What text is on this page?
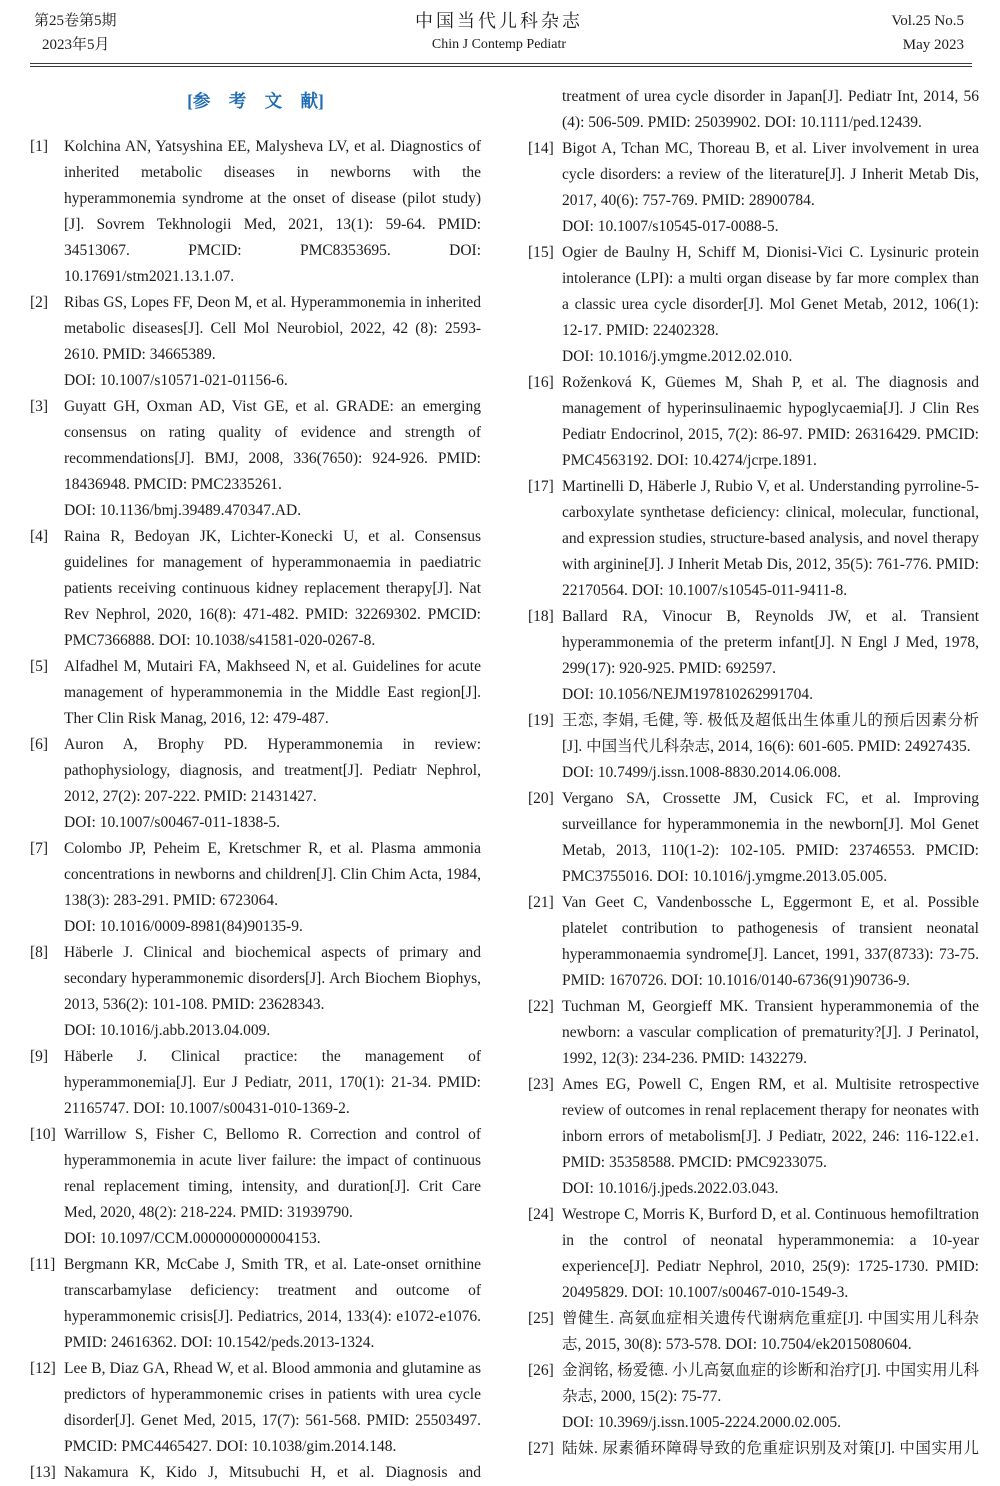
第25卷第5期
2023年5月
中国当代儿科杂志
Chin J Contemp Pediatr
Vol.25 No.5
May 2023
[参 考 文 献]
[1] Kolchina AN, Yatsyshina EE, Malysheva LV, et al. Diagnostics of inherited metabolic diseases in newborns with the hyperammonemia syndrome at the onset of disease (pilot study)[J]. Sovrem Tekhnologii Med, 2021, 13(1): 59-64. PMID: 34513067. PMCID: PMC8353695. DOI: 10.17691/stm2021.13.1.07.
[2] Ribas GS, Lopes FF, Deon M, et al. Hyperammonemia in inherited metabolic diseases[J]. Cell Mol Neurobiol, 2022, 42 (8): 2593-2610. PMID: 34665389.
DOI: 10.1007/s10571-021-01156-6.
[3] Guyatt GH, Oxman AD, Vist GE, et al. GRADE: an emerging consensus on rating quality of evidence and strength of recommendations[J]. BMJ, 2008, 336(7650): 924-926. PMID: 18436948. PMCID: PMC2335261.
DOI: 10.1136/bmj.39489.470347.AD.
[4] Raina R, Bedoyan JK, Lichter-Konecki U, et al. Consensus guidelines for management of hyperammonaemia in paediatric patients receiving continuous kidney replacement therapy[J]. Nat Rev Nephrol, 2020, 16(8): 471-482. PMID: 32269302. PMCID: PMC7366888. DOI: 10.1038/s41581-020-0267-8.
[5] Alfadhel M, Mutairi FA, Makhseed N, et al. Guidelines for acute management of hyperammonemia in the Middle East region[J]. Ther Clin Risk Manag, 2016, 12: 479-487.
[6] Auron A, Brophy PD. Hyperammonemia in review: pathophysiology, diagnosis, and treatment[J]. Pediatr Nephrol, 2012, 27(2): 207-222. PMID: 21431427.
DOI: 10.1007/s00467-011-1838-5.
[7] Colombo JP, Peheim E, Kretschmer R, et al. Plasma ammonia concentrations in newborns and children[J]. Clin Chim Acta, 1984, 138(3): 283-291. PMID: 6723064.
DOI: 10.1016/0009-8981(84)90135-9.
[8] Häberle J. Clinical and biochemical aspects of primary and secondary hyperammonemic disorders[J]. Arch Biochem Biophys, 2013, 536(2): 101-108. PMID: 23628343.
DOI: 10.1016/j.abb.2013.04.009.
[9] Häberle J. Clinical practice: the management of hyperammonemia[J]. Eur J Pediatr, 2011, 170(1): 21-34. PMID: 21165747. DOI: 10.1007/s00431-010-1369-2.
[10] Warrillow S, Fisher C, Bellomo R. Correction and control of hyperammonemia in acute liver failure: the impact of continuous renal replacement timing, intensity, and duration[J]. Crit Care Med, 2020, 48(2): 218-224. PMID: 31939790.
DOI: 10.1097/CCM.0000000000004153.
[11] Bergmann KR, McCabe J, Smith TR, et al. Late-onset ornithine transcarbamylase deficiency: treatment and outcome of hyperammonemic crisis[J]. Pediatrics, 2014, 133(4): e1072-e1076. PMID: 24616362. DOI: 10.1542/peds.2013-1324.
[12] Lee B, Diaz GA, Rhead W, et al. Blood ammonia and glutamine as predictors of hyperammonemic crises in patients with urea cycle disorder[J]. Genet Med, 2015, 17(7): 561-568. PMID: 25503497. PMCID: PMC4465427. DOI: 10.1038/gim.2014.148.
[13] Nakamura K, Kido J, Mitsubuchi H, et al. Diagnosis and
treatment of urea cycle disorder in Japan[J]. Pediatr Int, 2014, 56 (4): 506-509. PMID: 25039902. DOI: 10.1111/ped.12439.
[14] Bigot A, Tchan MC, Thoreau B, et al. Liver involvement in urea cycle disorders: a review of the literature[J]. J Inherit Metab Dis, 2017, 40(6): 757-769. PMID: 28900784.
DOI: 10.1007/s10545-017-0088-5.
[15] Ogier de Baulny H, Schiff M, Dionisi-Vici C. Lysinuric protein intolerance (LPI): a multi organ disease by far more complex than a classic urea cycle disorder[J]. Mol Genet Metab, 2012, 106(1): 12-17. PMID: 22402328.
DOI: 10.1016/j.ymgme.2012.02.010.
[16] Roženková K, Güemes M, Shah P, et al. The diagnosis and management of hyperinsulinaemic hypoglycaemia[J]. J Clin Res Pediatr Endocrinol, 2015, 7(2): 86-97. PMID: 26316429. PMCID: PMC4563192. DOI: 10.4274/jcrpe.1891.
[17] Martinelli D, Häberle J, Rubio V, et al. Understanding pyrroline-5-carboxylate synthetase deficiency: clinical, molecular, functional, and expression studies, structure-based analysis, and novel therapy with arginine[J]. J Inherit Metab Dis, 2012, 35(5): 761-776. PMID: 22170564. DOI: 10.1007/s10545-011-9411-8.
[18] Ballard RA, Vinocur B, Reynolds JW, et al. Transient hyperammonemia of the preterm infant[J]. N Engl J Med, 1978, 299(17): 920-925. PMID: 692597.
DOI: 10.1056/NEJM197810262991704.
[19] 王恋, 李娟, 毛健, 等. 极低及超低出生体重儿的预后因素分析[J]. 中国当代儿科杂志, 2014, 16(6): 601-605. PMID: 24927435.
DOI: 10.7499/j.issn.1008-8830.2014.06.008.
[20] Vergano SA, Crossette JM, Cusick FC, et al. Improving surveillance for hyperammonemia in the newborn[J]. Mol Genet Metab, 2013, 110(1-2): 102-105. PMID: 23746553. PMCID: PMC3755016. DOI: 10.1016/j.ymgme.2013.05.005.
[21] Van Geet C, Vandenbossche L, Eggermont E, et al. Possible platelet contribution to pathogenesis of transient neonatal hyperammonaemia syndrome[J]. Lancet, 1991, 337(8733): 73-75. PMID: 1670726. DOI: 10.1016/0140-6736(91)90736-9.
[22] Tuchman M, Georgieff MK. Transient hyperammonemia of the newborn: a vascular complication of prematurity?[J]. J Perinatol, 1992, 12(3): 234-236. PMID: 1432279.
[23] Ames EG, Powell C, Engen RM, et al. Multisite retrospective review of outcomes in renal replacement therapy for neonates with inborn errors of metabolism[J]. J Pediatr, 2022, 246: 116-122.e1. PMID: 35358588. PMCID: PMC9233075.
DOI: 10.1016/j.jpeds.2022.03.043.
[24] Westrope C, Morris K, Burford D, et al. Continuous hemofiltration in the control of neonatal hyperammonemia: a 10-year experience[J]. Pediatr Nephrol, 2010, 25(9): 1725-1730. PMID: 20495829. DOI: 10.1007/s00467-010-1549-3.
[25] 曾健生. 高氨血症相关遗传代谢病危重症[J]. 中国实用儿科杂志, 2015, 30(8): 573-578. DOI: 10.7504/ek2015080604.
[26] 金润铭, 杨爱德. 小儿高氨血症的诊断和治疗[J]. 中国实用儿科杂志, 2000, 15(2): 75-77.
DOI: 10.3969/j.issn.1005-2224.2000.02.005.
[27] 陆妹. 尿素循环障碍导致的危重症识别及对策[J]. 中国实用儿
